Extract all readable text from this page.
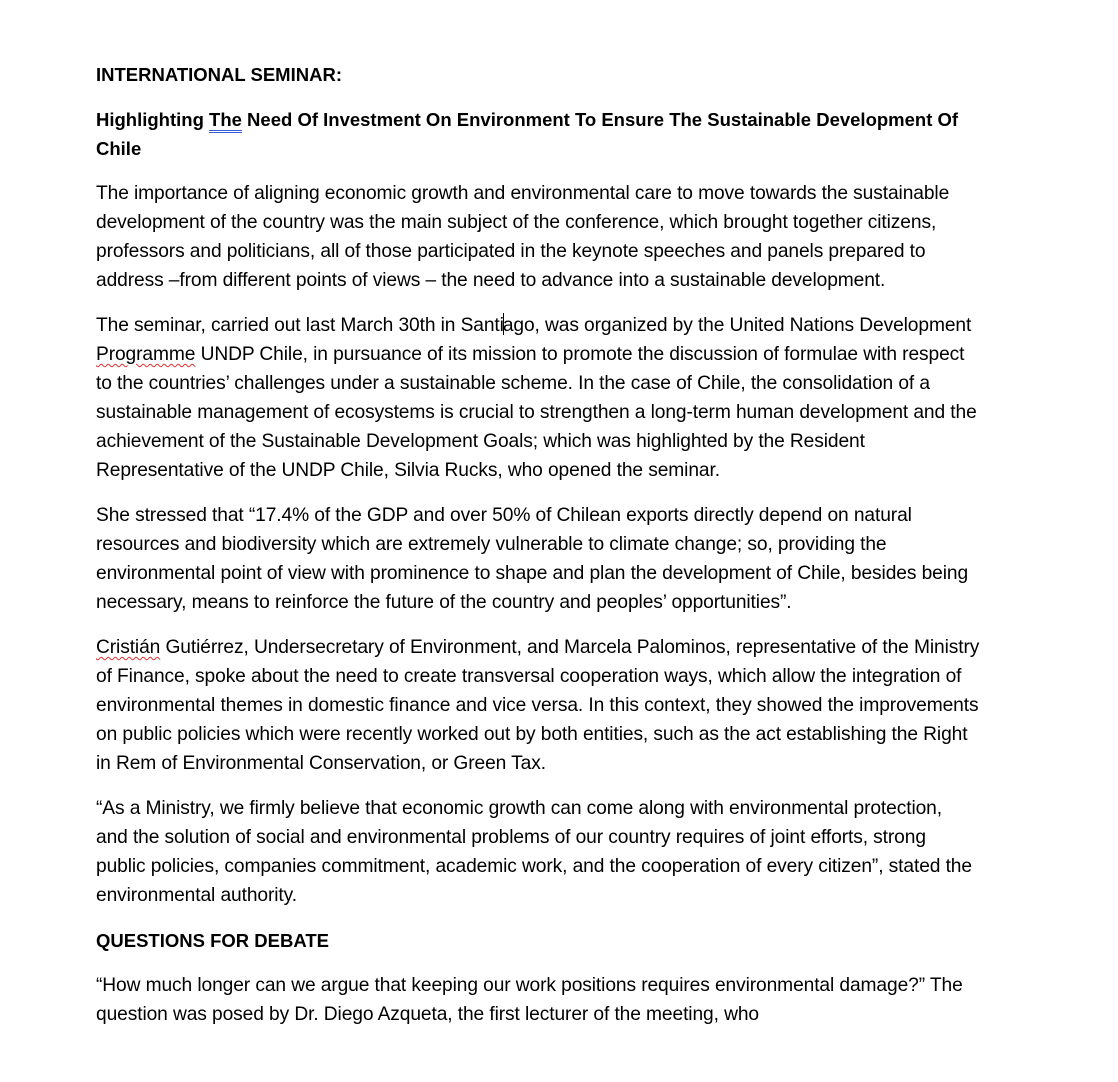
INTERNATIONAL SEMINAR:

Highlighting The Need Of Investment On Environment To Ensure The Sustainable Development Of Chile

The importance of aligning economic growth and environmental care to move towards the sustainable development of the country was the main subject of the conference, which brought together citizens, professors and politicians, all of those participated in the keynote speeches and panels prepared to address –from different points of views – the need to advance into a sustainable development.

The seminar, carried out last March 30th in Santiago, was organized by the United Nations Development Programme UNDP Chile, in pursuance of its mission to promote the discussion of formulae with respect to the countries’ challenges under a sustainable scheme. In the case of Chile, the consolidation of a sustainable management of ecosystems is crucial to strengthen a long-term human development and the achievement of the Sustainable Development Goals; which was highlighted by the Resident Representative of the UNDP Chile, Silvia Rucks, who opened the seminar.

She stressed that “17.4% of the GDP and over 50% of Chilean exports directly depend on natural resources and biodiversity which are extremely vulnerable to climate change; so, providing the environmental point of view with prominence to shape and plan the development of Chile, besides being necessary, means to reinforce the future of the country and peoples’ opportunities”.

Cristián Gutiérrez, Undersecretary of Environment, and Marcela Palominos, representative of the Ministry of Finance, spoke about the need to create transversal cooperation ways, which allow the integration of environmental themes in domestic finance and vice versa. In this context, they showed the improvements on public policies which were recently worked out by both entities, such as the act establishing the Right in Rem of Environmental Conservation, or Green Tax.

“As a Ministry, we firmly believe that economic growth can come along with environmental protection, and the solution of social and environmental problems of our country requires of joint efforts, strong public policies, companies commitment, academic work, and the cooperation of every citizen”, stated the environmental authority.

QUESTIONS FOR DEBATE

“How much longer can we argue that keeping our work positions requires environmental damage?” The question was posed by Dr. Diego Azqueta, the first lecturer of the meeting, who
